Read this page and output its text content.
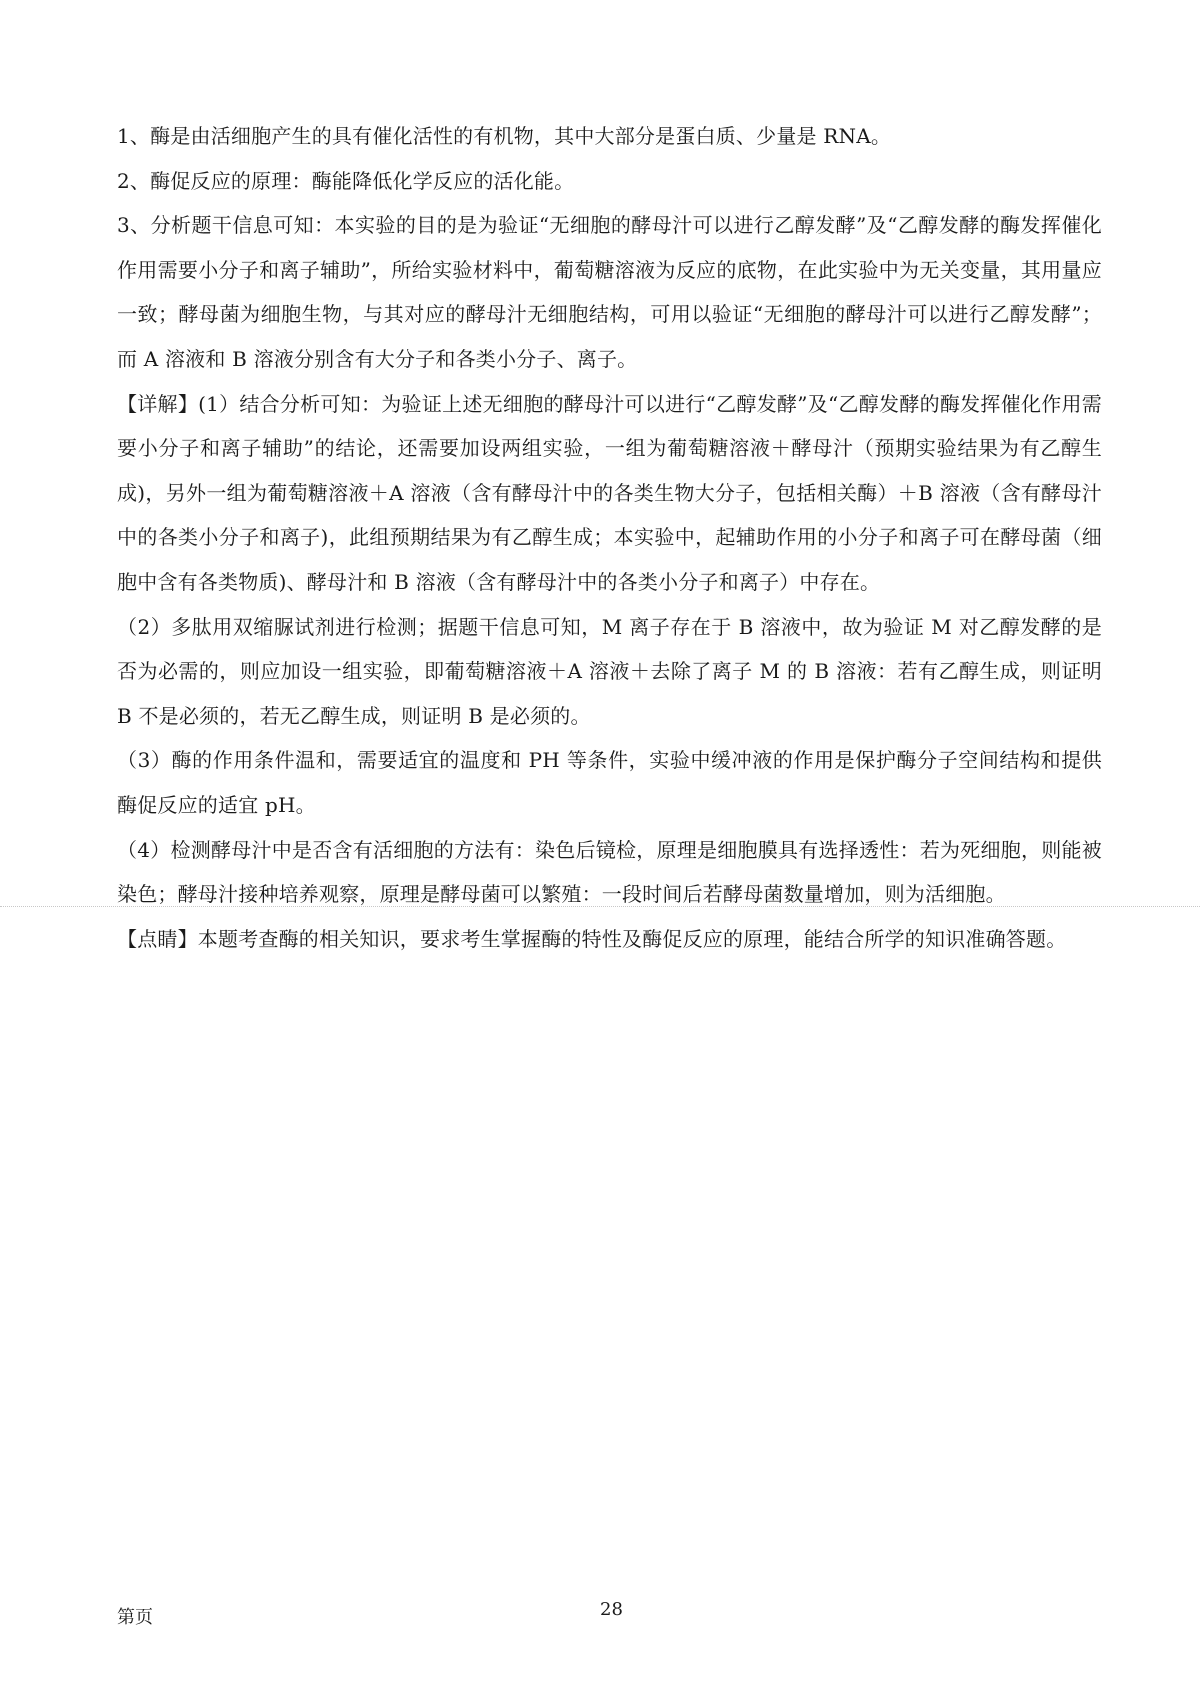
1、酶是由活细胞产生的具有催化活性的有机物，其中大部分是蛋白质、少量是 RNA。

2、酶促反应的原理：酶能降低化学反应的活化能。

3、分析题干信息可知：本实验的目的是为验证“无细胞的酵母汁可以进行乙醇发酵”及“乙醇发酵的酶发挥催化作用需要小分子和离子辅助”，所给实验材料中，葡萄糖溶液为反应的底物，在此实验中为无关变量，其用量应一致；酵母菌为细胞生物，与其对应的酵母汁无细胞结构，可用以验证“无细胞的酵母汁可以进行乙醇发酵”；而 A 溶液和 B 溶液分别含有大分子和各类小分子、离子。

【详解】(1）结合分析可知：为验证上述无细胞的酵母汁可以进行“乙醇发酵”及“乙醇发酵的酶发挥催化作用需要小分子和离子辅助”的结论，还需要加设两组实验，一组为葡萄糖溶液＋酵母汁（预期实验结果为有乙醇生成)，另外一组为葡萄糖溶液＋A 溶液（含有酵母汁中的各类生物大分子，包括相关酶）＋B 溶液（含有酵母汁中的各类小分子和离子)，此组预期结果为有乙醇生成；本实验中，起辅助作用的小分子和离子可在酵母菌（细胞中含有各类物质)、酵母汁和 B 溶液（含有酵母汁中的各类小分子和离子）中存在。

（2）多肽用双缩脲试剂进行检测；据题干信息可知，M 离子存在于 B 溶液中，故为验证 M 对乙醇发酵的是否为必需的，则应加设一组实验，即葡萄糖溶液＋A 溶液＋去除了离子 M 的 B 溶液：若有乙醇生成，则证明 B 不是必须的，若无乙醇生成，则证明 B 是必须的。

（3）酶的作用条件温和，需要适宜的温度和 PH 等条件，实验中缓冲液的作用是保护酶分子空间结构和提供酶促反应的适宜 pH。

（4）检测酵母汁中是否含有活细胞的方法有：染色后镜检，原理是细胞膜具有选择透性：若为死细胞，则能被染色；酵母汁接种培养观察，原理是酵母菌可以繁殖：一段时间后若酵母菌数量增加，则为活细胞。

【点睛】本题考查酶的相关知识，要求考生掌握酶的特性及酶促反应的原理，能结合所学的知识准确答题。

第页	28
